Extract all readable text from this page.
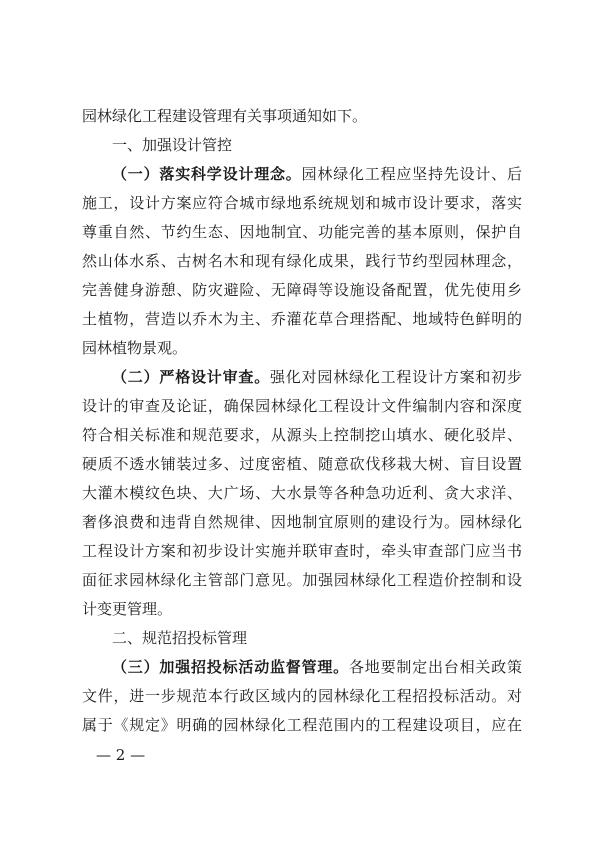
园林绿化工程建设管理有关事项通知如下。
一、加强设计管控
（一）落实科学设计理念。园林绿化工程应坚持先设计、后
施工，设计方案应符合城市绿地系统规划和城市设计要求，落实
尊重自然、节约生态、因地制宜、功能完善的基本原则，保护自
然山体水系、古树名木和现有绿化成果，践行节约型园林理念，
完善健身游憩、防灾避险、无障碍等设施设备配置，优先使用乡
土植物，营造以乔木为主、乔灌花草合理搭配、地域特色鲜明的
园林植物景观。
（二）严格设计审查。强化对园林绿化工程设计方案和初步
设计的审查及论证，确保园林绿化工程设计文件编制内容和深度
符合相关标准和规范要求，从源头上控制挖山填水、硬化驳岸、
硬质不透水铺装过多、过度密植、随意砍伐移栽大树、盲目设置
大灌木模纹色块、大广场、大水景等各种急功近利、贪大求洋、
奢侈浪费和违背自然规律、因地制宜原则的建设行为。园林绿化
工程设计方案和初步设计实施并联审查时，牵头审查部门应当书
面征求园林绿化主管部门意见。加强园林绿化工程造价控制和设
计变更管理。
二、规范招投标管理
（三）加强招投标活动监督管理。各地要制定出台相关政策
文件，进一步规范本行政区域内的园林绿化工程招投标活动。对
属于《规定》明确的园林绿化工程范围内的工程建设项目，应在
— 2 —
